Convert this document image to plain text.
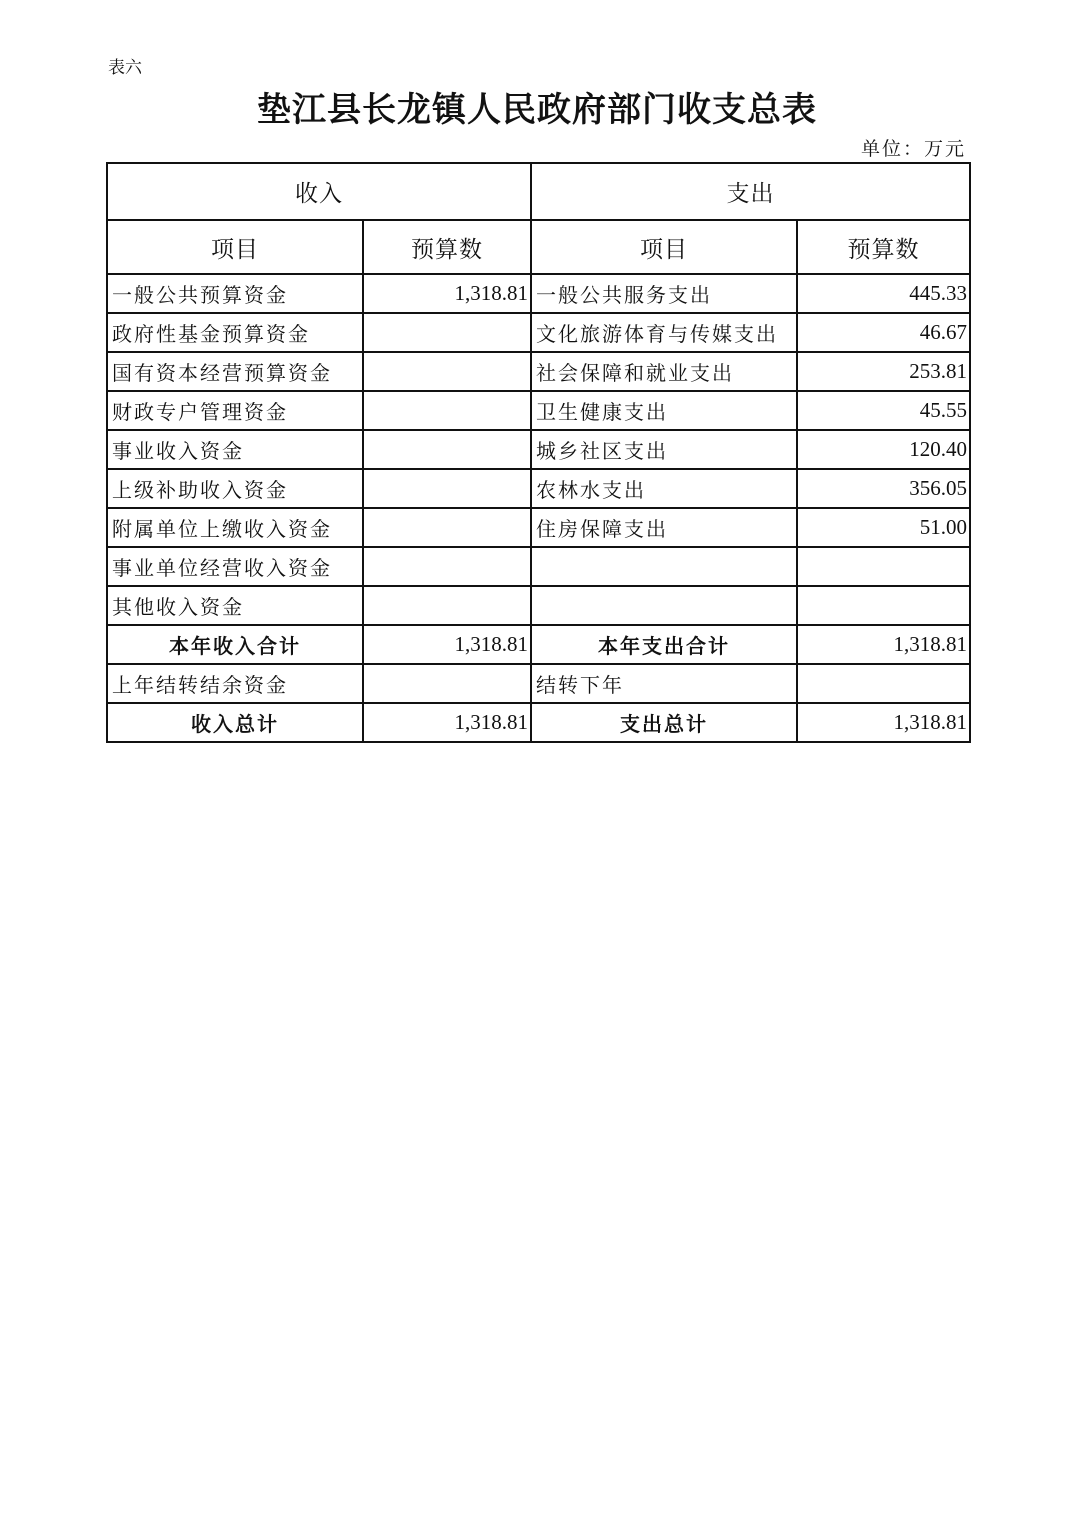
表六
垫江县长龙镇人民政府部门收支总表
单位：万元
收入		支出	
项目	预算数	项目	预算数
一般公共预算资金	1,318.81	一般公共服务支出	445.33
政府性基金预算资金		文化旅游体育与传媒支出	46.67
国有资本经营预算资金		社会保障和就业支出	253.81
财政专户管理资金		卫生健康支出	45.55
事业收入资金		城乡社区支出	120.40
上级补助收入资金		农林水支出	356.05
附属单位上缴收入资金		住房保障支出	51.00
事业单位经营收入资金			
其他收入资金			
本年收入合计	1,318.81	本年支出合计	1,318.81
上年结转结余资金		结转下年	
收入总计	1,318.81	支出总计	1,318.81
